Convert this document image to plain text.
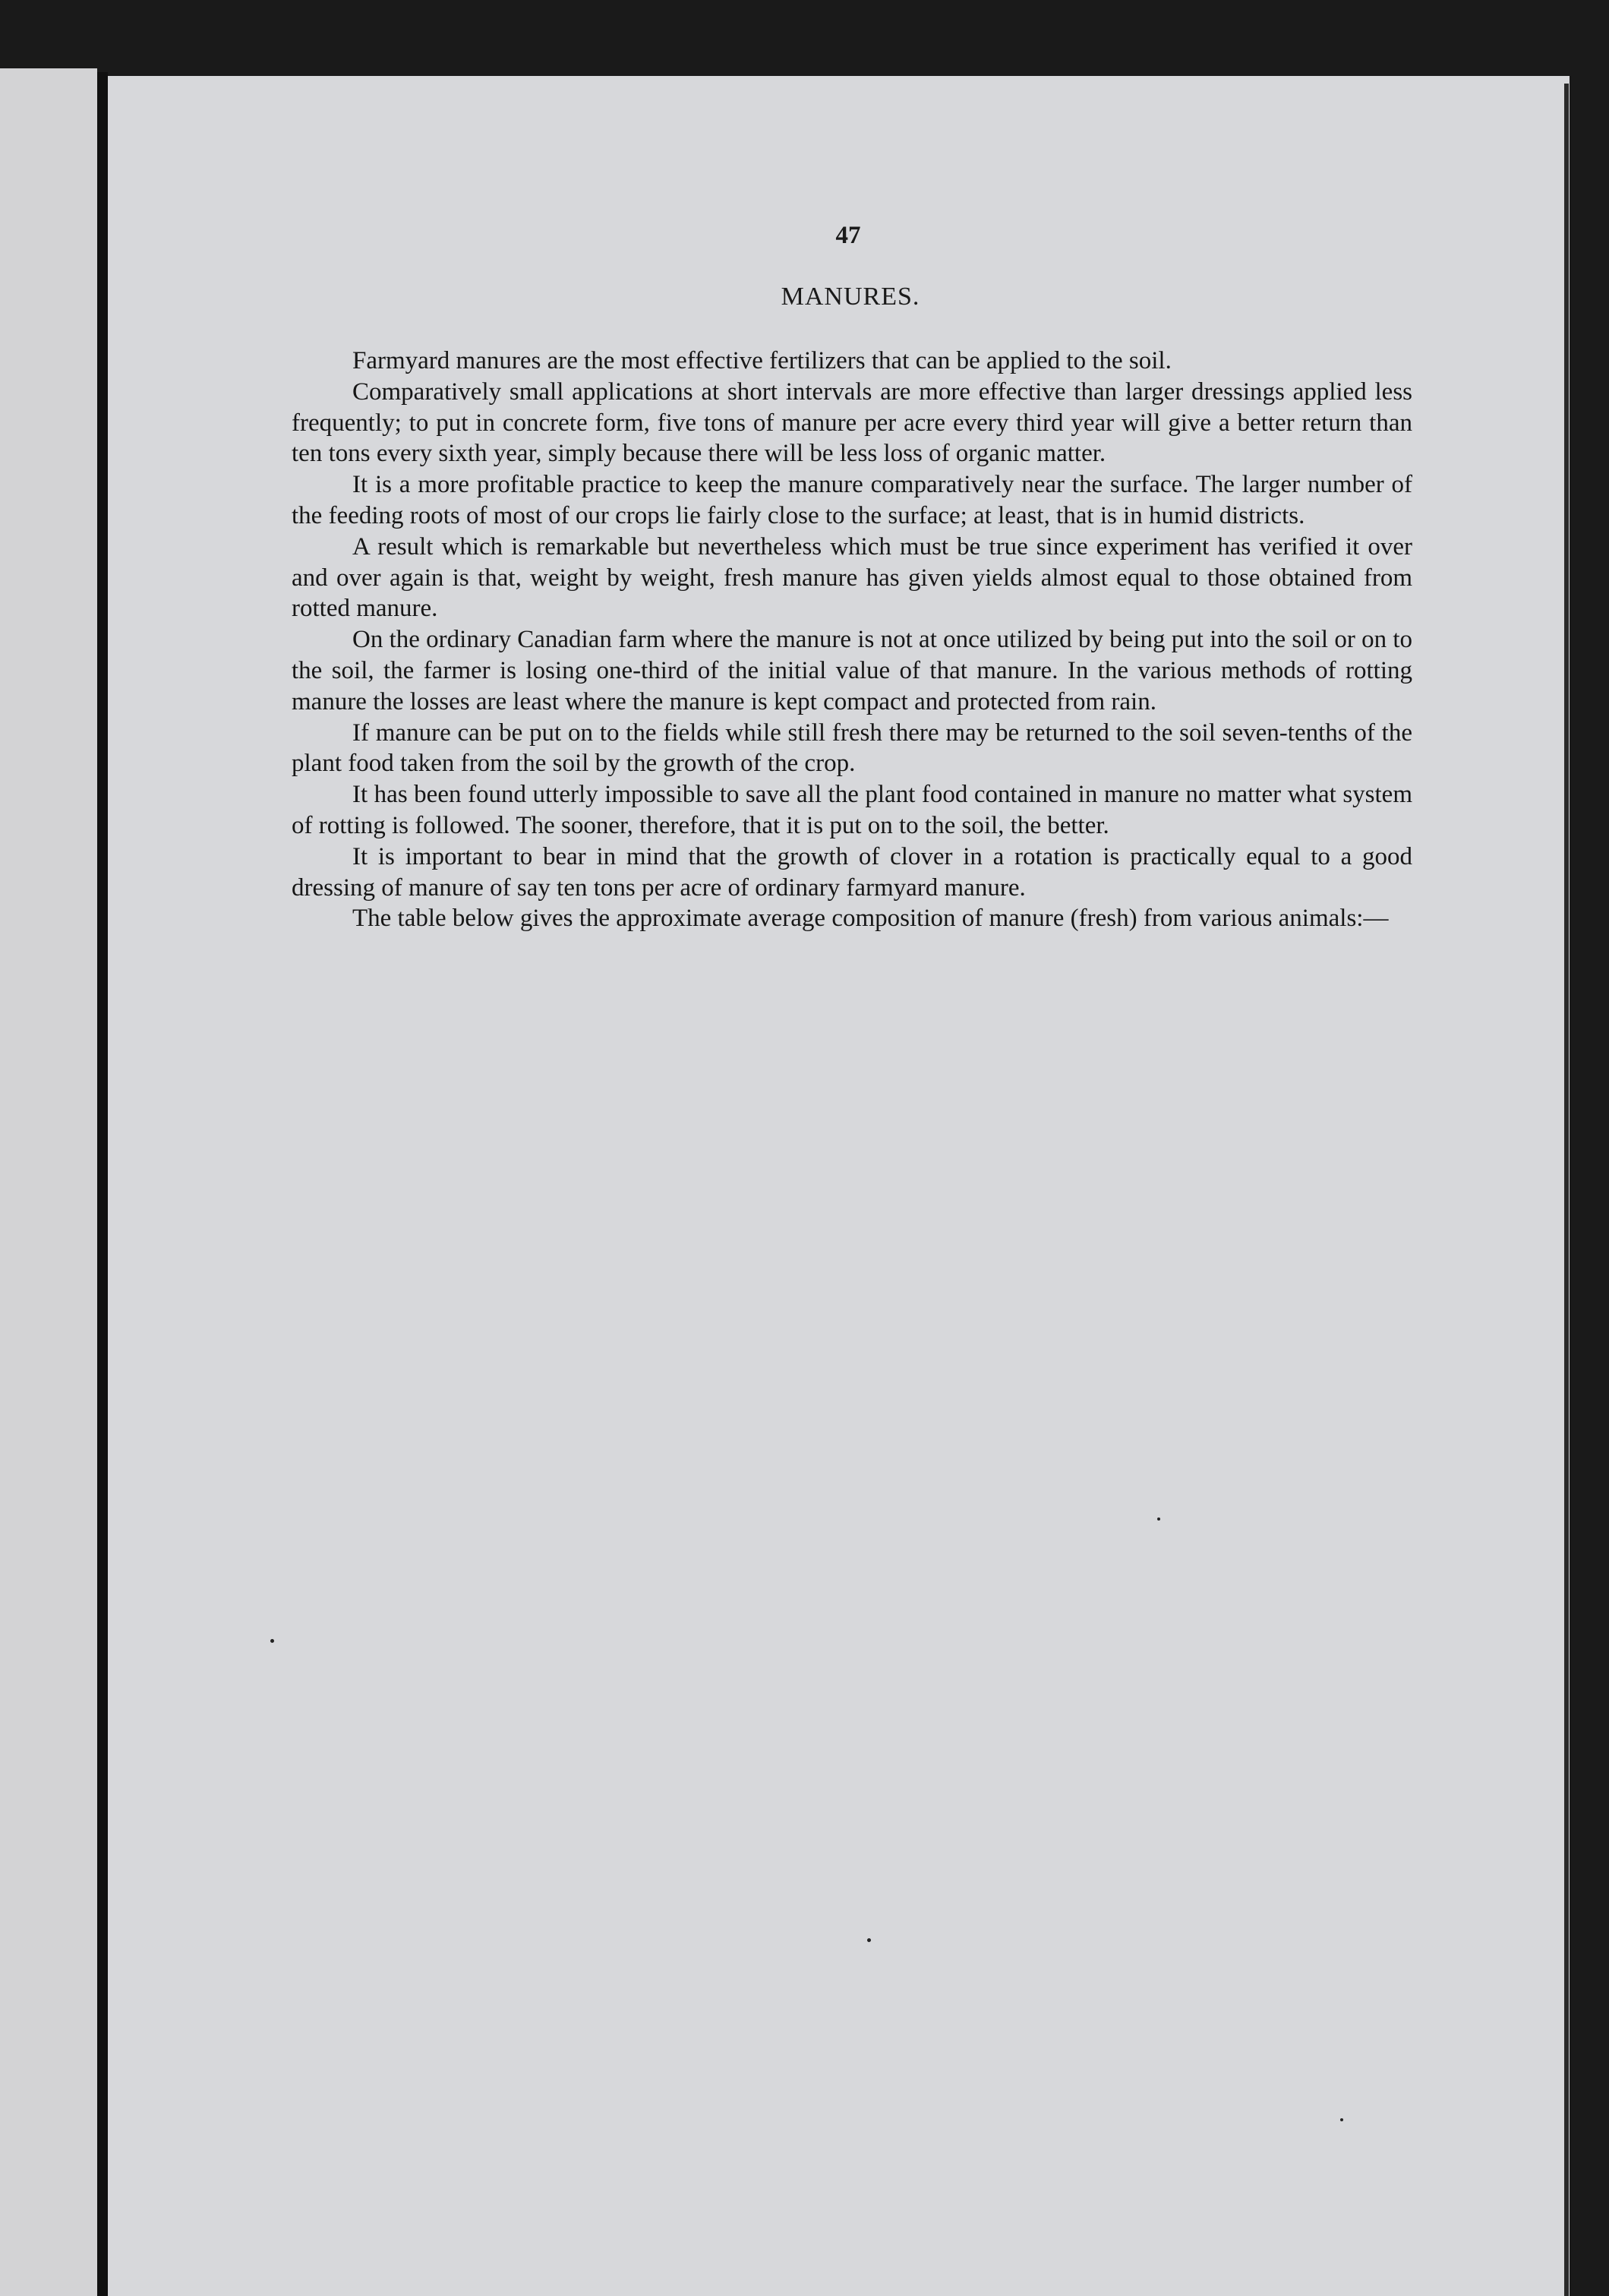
47
MANURES.

Farmyard manures are the most effective fertilizers that can be applied to the soil.

Comparatively small applications at short intervals are more effective than larger dressings applied less frequently; to put in concrete form, five tons of manure per acre every third year will give a better return than ten tons every sixth year, simply because there will be less loss of organic matter.

It is a more profitable practice to keep the manure comparatively near the surface. The larger number of the feeding roots of most of our crops lie fairly close to the surface; at least, that is in humid districts.

A result which is remarkable but nevertheless which must be true since experiment has verified it over and over again is that, weight by weight, fresh manure has given yields almost equal to those obtained from rotted manure.

On the ordinary Canadian farm where the manure is not at once utilized by being put into the soil or on to the soil, the farmer is losing one-third of the initial value of that manure. In the various methods of rotting manure the losses are least where the manure is kept compact and protected from rain.

If manure can be put on to the fields while still fresh there may be returned to the soil seven-tenths of the plant food taken from the soil by the growth of the crop.

It has been found utterly impossible to save all the plant food contained in manure no matter what system of rotting is followed. The sooner, therefore, that it is put on to the soil, the better.

It is important to bear in mind that the growth of clover in a rotation is practically equal to a good dressing of manure of say ten tons per acre of ordinary farmyard manure.

The table below gives the approximate average composition of manure (fresh) from various animals:—
